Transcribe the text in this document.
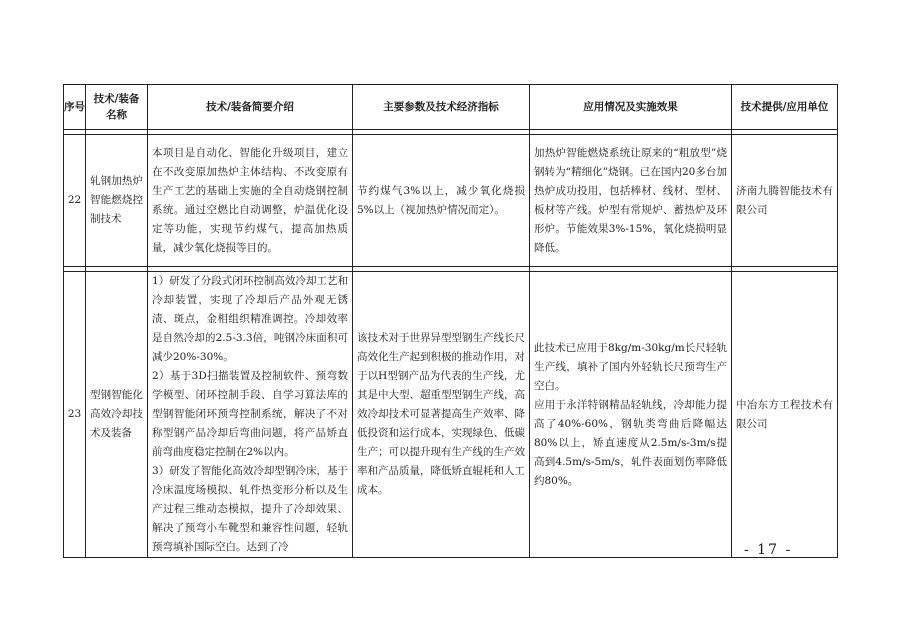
序号	技术/装备名称	技术/装备简要介绍	主要参数及技术经济指标	应用情况及实施效果	技术提供/应用单位

22	轧钢加热炉智能燃烧控制技术	本项目是自动化、智能化升级项目，建立在不改变原加热炉主体结构、不改变原有生产工艺的基础上实施的全自动烧钢控制系统。通过空燃比自动调整，炉温优化设定等功能，实现节约煤气，提高加热质量，减少氧化烧损等目的。	节约煤气3%以上，减少氧化烧损5%以上（视加热炉情况而定）。	加热炉智能燃烧系统让原来的“粗放型”烧钢转为“精细化”烧钢。已在国内20多台加热炉成功投用，包括棒材、线材、型材、板材等产线。炉型有常规炉、蓄热炉及环形炉。节能效果3%-15%，氧化烧损明显降低。	济南九腾智能技术有限公司

23	型钢智能化高效冷却技术及装备	1）研发了分段式闭环控制高效冷却工艺和冷却装置，实现了冷却后产品外观无锈渍、斑点，金相组织精准调控。冷却效率是自然冷却的2.5-3.3倍，吨钢冷床面积可减少20%-30%。
2）基于3D扫描装置及控制软件、预弯数学模型、闭环控制手段、自学习算法库的型钢智能闭环预弯控制系统，解决了不对称型钢产品冷却后弯曲问题，将产品矫直前弯曲度稳定控制在2%以内。
3）研发了智能化高效冷却型钢冷床，基于冷床温度场模拟、轧件热变形分析以及生产过程三维动态模拟，提升了冷却效果、解决了预弯小车靴型和兼容性问题，轻轨预弯填补国际空白。达到了冷	该技术对于世界异型型钢生产线长尺高效化生产起到积极的推动作用，对于以H型钢产品为代表的生产线，尤其是中大型、超重型型钢生产线，高效冷却技术可显著提高生产效率、降低投资和运行成本，实现绿色、低碳生产；可以提升现有生产线的生产效率和产品质量，降低矫直辊耗和人工成本。	此技术已应用于8kg/m-30kg/m长尺轻轨生产线，填补了国内外轻轨长尺预弯生产空白。
应用于永洋特钢精品轻轨线，冷却能力提高了40%-60%，钢轨类弯曲后降幅达80%以上，矫直速度从2.5m/s-3m/s提高到4.5m/s-5m/s，轧件表面划伤率降低约80%。	中冶东方工程技术有限公司
- 17 -
